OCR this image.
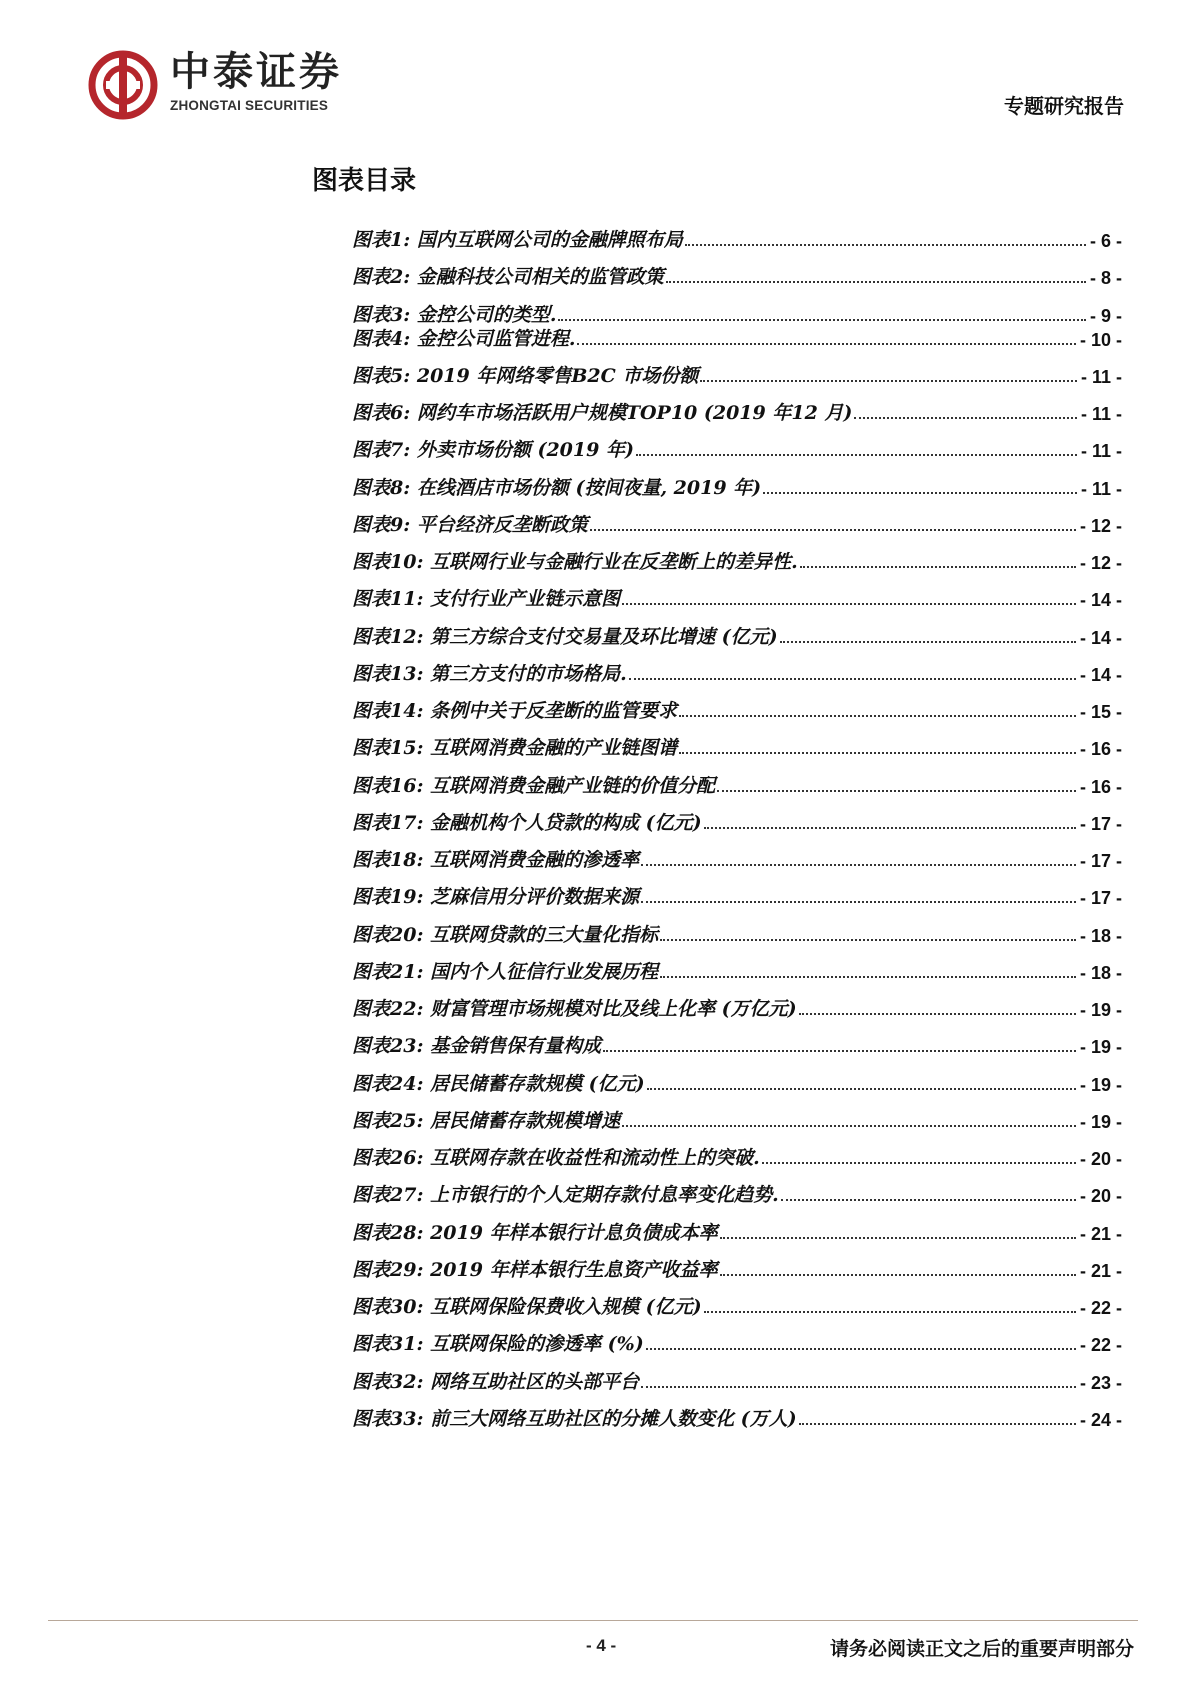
中泰证券
ZHONGTAI SECURITIES	专题研究报告
图表目录
图表1: 国内互联网公司的金融牌照布局	- 6 -
图表2: 金融科技公司相关的监管政策	- 8 -
图表3: 金控公司的类型.	- 9 -
图表4: 金控公司监管进程.	- 10 -
图表5: 2019 年网络零售B2C 市场份额	- 11 -
图表6: 网约车市场活跃用户规模TOP10 (2019 年12 月)	- 11 -
图表7: 外卖市场份额 (2019 年)	- 11 -
图表8: 在线酒店市场份额 (按间夜量, 2019 年)	- 11 -
图表9: 平台经济反垄断政策	- 12 -
图表10: 互联网行业与金融行业在反垄断上的差异性.	- 12 -
图表11: 支付行业产业链示意图	- 14 -
图表12: 第三方综合支付交易量及环比增速 (亿元)	- 14 -
图表13: 第三方支付的市场格局.	- 14 -
图表14: 条例中关于反垄断的监管要求	- 15 -
图表15: 互联网消费金融的产业链图谱	- 16 -
图表16: 互联网消费金融产业链的价值分配	- 16 -
图表17: 金融机构个人贷款的构成 (亿元)	- 17 -
图表18: 互联网消费金融的渗透率	- 17 -
图表19: 芝麻信用分评价数据来源	- 17 -
图表20: 互联网贷款的三大量化指标	- 18 -
图表21: 国内个人征信行业发展历程	- 18 -
图表22: 财富管理市场规模对比及线上化率 (万亿元)	- 19 -
图表23: 基金销售保有量构成	- 19 -
图表24: 居民储蓄存款规模 (亿元)	- 19 -
图表25: 居民储蓄存款规模增速	- 19 -
图表26: 互联网存款在收益性和流动性上的突破.	- 20 -
图表27: 上市银行的个人定期存款付息率变化趋势.	- 20 -
图表28: 2019 年样本银行计息负债成本率	- 21 -
图表29: 2019 年样本银行生息资产收益率	- 21 -
图表30: 互联网保险保费收入规模 (亿元)	- 22 -
图表31: 互联网保险的渗透率 (%)	- 22 -
图表32: 网络互助社区的头部平台	- 23 -
图表33: 前三大网络互助社区的分摊人数变化 (万人)	- 24 -
- 4 -	请务必阅读正文之后的重要声明部分
